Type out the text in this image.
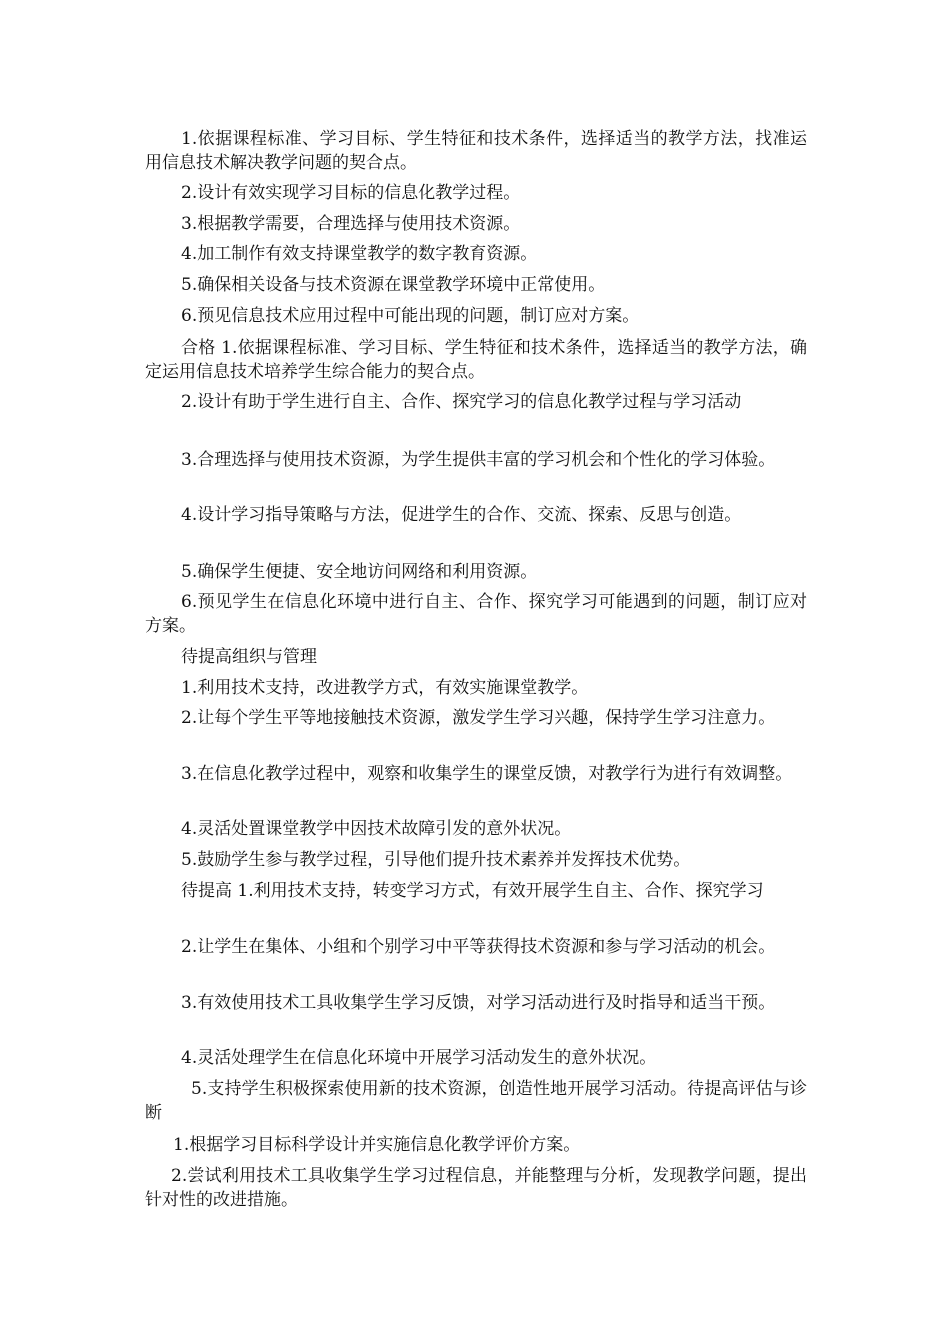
1.依据课程标准、学习目标、学生特征和技术条件，选择适当的教学方法，找准运用信息技术解决教学问题的契合点。

2.设计有效实现学习目标的信息化教学过程。

3.根据教学需要，合理选择与使用技术资源。

4.加工制作有效支持课堂教学的数字教育资源。

5.确保相关设备与技术资源在课堂教学环境中正常使用。

6.预见信息技术应用过程中可能出现的问题，制订应对方案。

合格 1.依据课程标准、学习目标、学生特征和技术条件，选择适当的教学方法，确定运用信息技术培养学生综合能力的契合点。

2.设计有助于学生进行自主、合作、探究学习的信息化教学过程与学习活动

3.合理选择与使用技术资源，为学生提供丰富的学习机会和个性化的学习体验。

4.设计学习指导策略与方法，促进学生的合作、交流、探索、反思与创造。

5.确保学生便捷、安全地访问网络和利用资源。

6.预见学生在信息化环境中进行自主、合作、探究学习可能遇到的问题，制订应对方案。

待提高组织与管理

1.利用技术支持，改进教学方式，有效实施课堂教学。

2.让每个学生平等地接触技术资源，激发学生学习兴趣，保持学生学习注意力。

3.在信息化教学过程中，观察和收集学生的课堂反馈，对教学行为进行有效调整。

4.灵活处置课堂教学中因技术故障引发的意外状况。

5.鼓励学生参与教学过程，引导他们提升技术素养并发挥技术优势。

待提高 1.利用技术支持，转变学习方式，有效开展学生自主、合作、探究学习

2.让学生在集体、小组和个别学习中平等获得技术资源和参与学习活动的机会。

3.有效使用技术工具收集学生学习反馈，对学习活动进行及时指导和适当干预。

4.灵活处理学生在信息化环境中开展学习活动发生的意外状况。

5.支持学生积极探索使用新的技术资源，创造性地开展学习活动。待提高评估与诊断

1.根据学习目标科学设计并实施信息化教学评价方案。

2.尝试利用技术工具收集学生学习过程信息，并能整理与分析，发现教学问题，提出针对性的改进措施。
